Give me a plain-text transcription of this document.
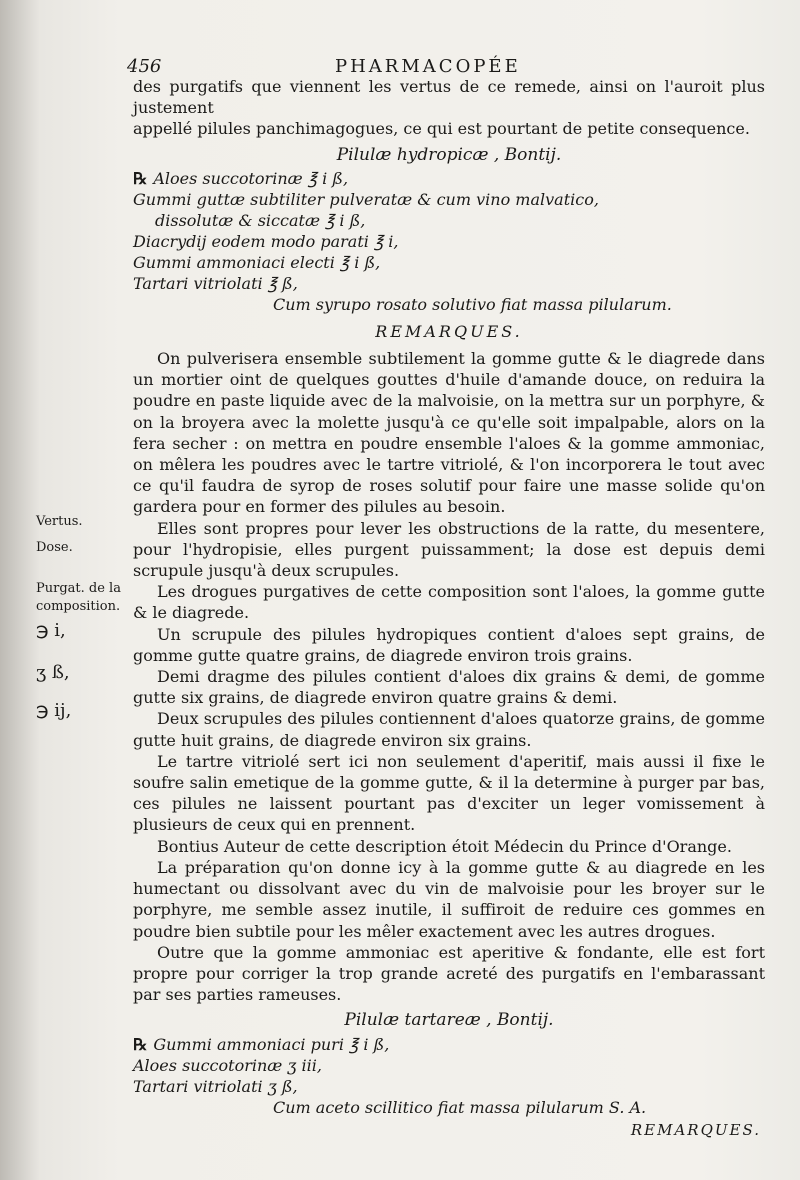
456	PHARMACOPÉE
Vertus.
Dose.
Purgat. de la
composition.
℈ i,
ʒ ß,
℈ ij,

des purgatifs que viennent les vertus de ce remede, ainsi on l'auroit plus justement

appellé pilules panchimagogues, ce qui est pourtant de petite consequence.

Pilulæ hydropicæ , Bontij.
℞ Aloes succotorinæ ℥ i ß,
Gummi guttæ subtiliter pulveratæ & cum vino malvatico,
dissolutæ & siccatæ ℥ i ß,
Diacrydij eodem modo parati ℥ i,
Gummi ammoniaci electi ℥ i ß,
Tartari vitriolati ℥ ß,
Cum syrupo rosato solutivo fiat massa pilularum.
REMARQUES.

On pulverisera ensemble subtilement la gomme gutte & le diagrede dans un mortier oint de quelques gouttes d'huile d'amande douce, on reduira la poudre en paste liquide avec de la malvoisie, on la mettra sur un porphyre, & on la broyera avec la molette jusqu'à ce qu'elle soit impalpable, alors on la fera secher : on mettra en poudre ensemble l'aloes & la gomme ammoniac, on mêlera les poudres avec le tartre vitriolé, & l'on incorporera le tout avec ce qu'il faudra de syrop de roses solutif pour faire une masse solide qu'on gardera pour en former des pilules au besoin.

Elles sont propres pour lever les obstructions de la ratte, du mesentere, pour l'hydropisie, elles purgent puissamment; la dose est depuis demi scrupule jusqu'à deux scrupules.

Les drogues purgatives de cette composition sont l'aloes, la gomme gutte & le diagrede.

Un scrupule des pilules hydropiques contient d'aloes sept grains, de gomme gutte quatre grains, de diagrede environ trois grains.

Demi dragme des pilules contient d'aloes dix grains & demi, de gomme gutte six grains, de diagrede environ quatre grains & demi.

Deux scrupules des pilules contiennent d'aloes quatorze grains, de gomme gutte huit grains, de diagrede environ six grains.

Le tartre vitriolé sert ici non seulement d'aperitif, mais aussi il fixe le soufre salin emetique de la gomme gutte, & il la determine à purger par bas, ces pilules ne laissent pourtant pas d'exciter un leger vomissement à plusieurs de ceux qui en prennent.

Bontius Auteur de cette description étoit Médecin du Prince d'Orange.

La préparation qu'on donne icy à la gomme gutte & au diagrede en les humectant ou dissolvant avec du vin de malvoisie pour les broyer sur le porphyre, me semble assez inutile, il suffiroit de reduire ces gommes en poudre bien subtile pour les mêler exactement avec les autres drogues.

Outre que la gomme ammoniac est aperitive & fondante, elle est fort propre pour corriger la trop grande acreté des purgatifs en l'embarassant par ses parties rameuses.

Pilulæ tartareæ , Bontij.
℞ Gummi ammoniaci puri ℥ i ß,
Aloes succotorinæ ʒ iii,
Tartari vitriolati ʒ ß,
Cum aceto scillitico fiat massa pilularum S. A.
REMARQUES.
